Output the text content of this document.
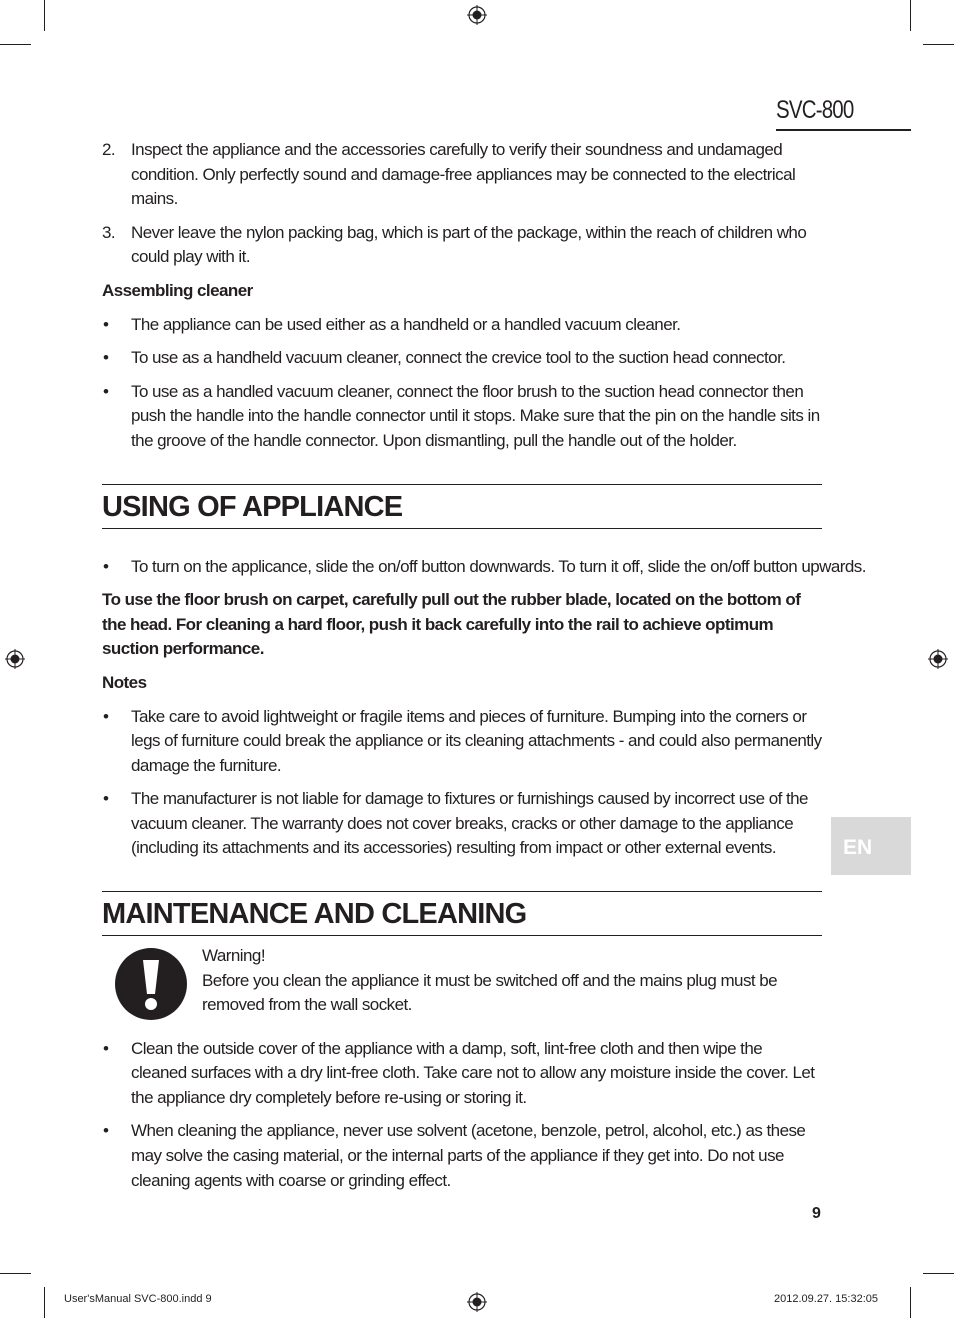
SVC-800
EN
2. Inspect the appliance and the accessories carefully to verify their soundness and undamaged condition. Only perfectly sound and damage-free appliances may be connected to the electrical mains.
3. Never leave the nylon packing bag, which is part of the package, within the reach of children who could play with it.
Assembling cleaner
•	The appliance can be used either as a handheld or a handled vacuum cleaner.
•	To use as a handheld vacuum cleaner, connect the crevice tool to the suction head connector.
•	To use as a handled vacuum cleaner, connect the floor brush to the suction head connector then push the handle into the handle connector until it stops. Make sure that the pin on the handle sits in the groove of the handle connector. Upon dismantling, pull the handle out of the holder.
USING OF APPLIANCE
•	To turn on the applicance, slide the on/off button downwards. To turn it off, slide the on/off button upwards.
To use the floor brush on carpet, carefully pull out the rubber blade, located on the bottom of the head. For cleaning a hard floor, push it back carefully into the rail to achieve optimum suction performance.
Notes
•	Take care to avoid lightweight or fragile items and pieces of furniture. Bumping into the corners or legs of furniture could break the appliance or its cleaning attachments - and could also permanently damage the furniture.
•	The manufacturer is not liable for damage to fixtures or furnishings caused by incorrect use of the vacuum cleaner. The warranty does not cover breaks, cracks or other damage to the appliance (including its attachments and its accessories) resulting from impact or other external events.
MAINTENANCE AND CLEANING
Warning!
Before you clean the appliance it must be switched off and the mains plug must be removed from the wall socket.
•	Clean the outside cover of the appliance with a damp, soft, lint-free cloth and then wipe the cleaned surfaces with a dry lint-free cloth. Take care not to allow any moisture inside the cover. Let the appliance dry completely before re-using or storing it.
•	When cleaning the appliance, never use solvent (acetone, benzole, petrol, alcohol, etc.) as these may solve the casing material, or the internal parts of the appliance if they get into. Do not use cleaning agents with coarse or grinding effect.
9
User'sManual SVC-800.indd 9	2012.09.27. 15:32:05
